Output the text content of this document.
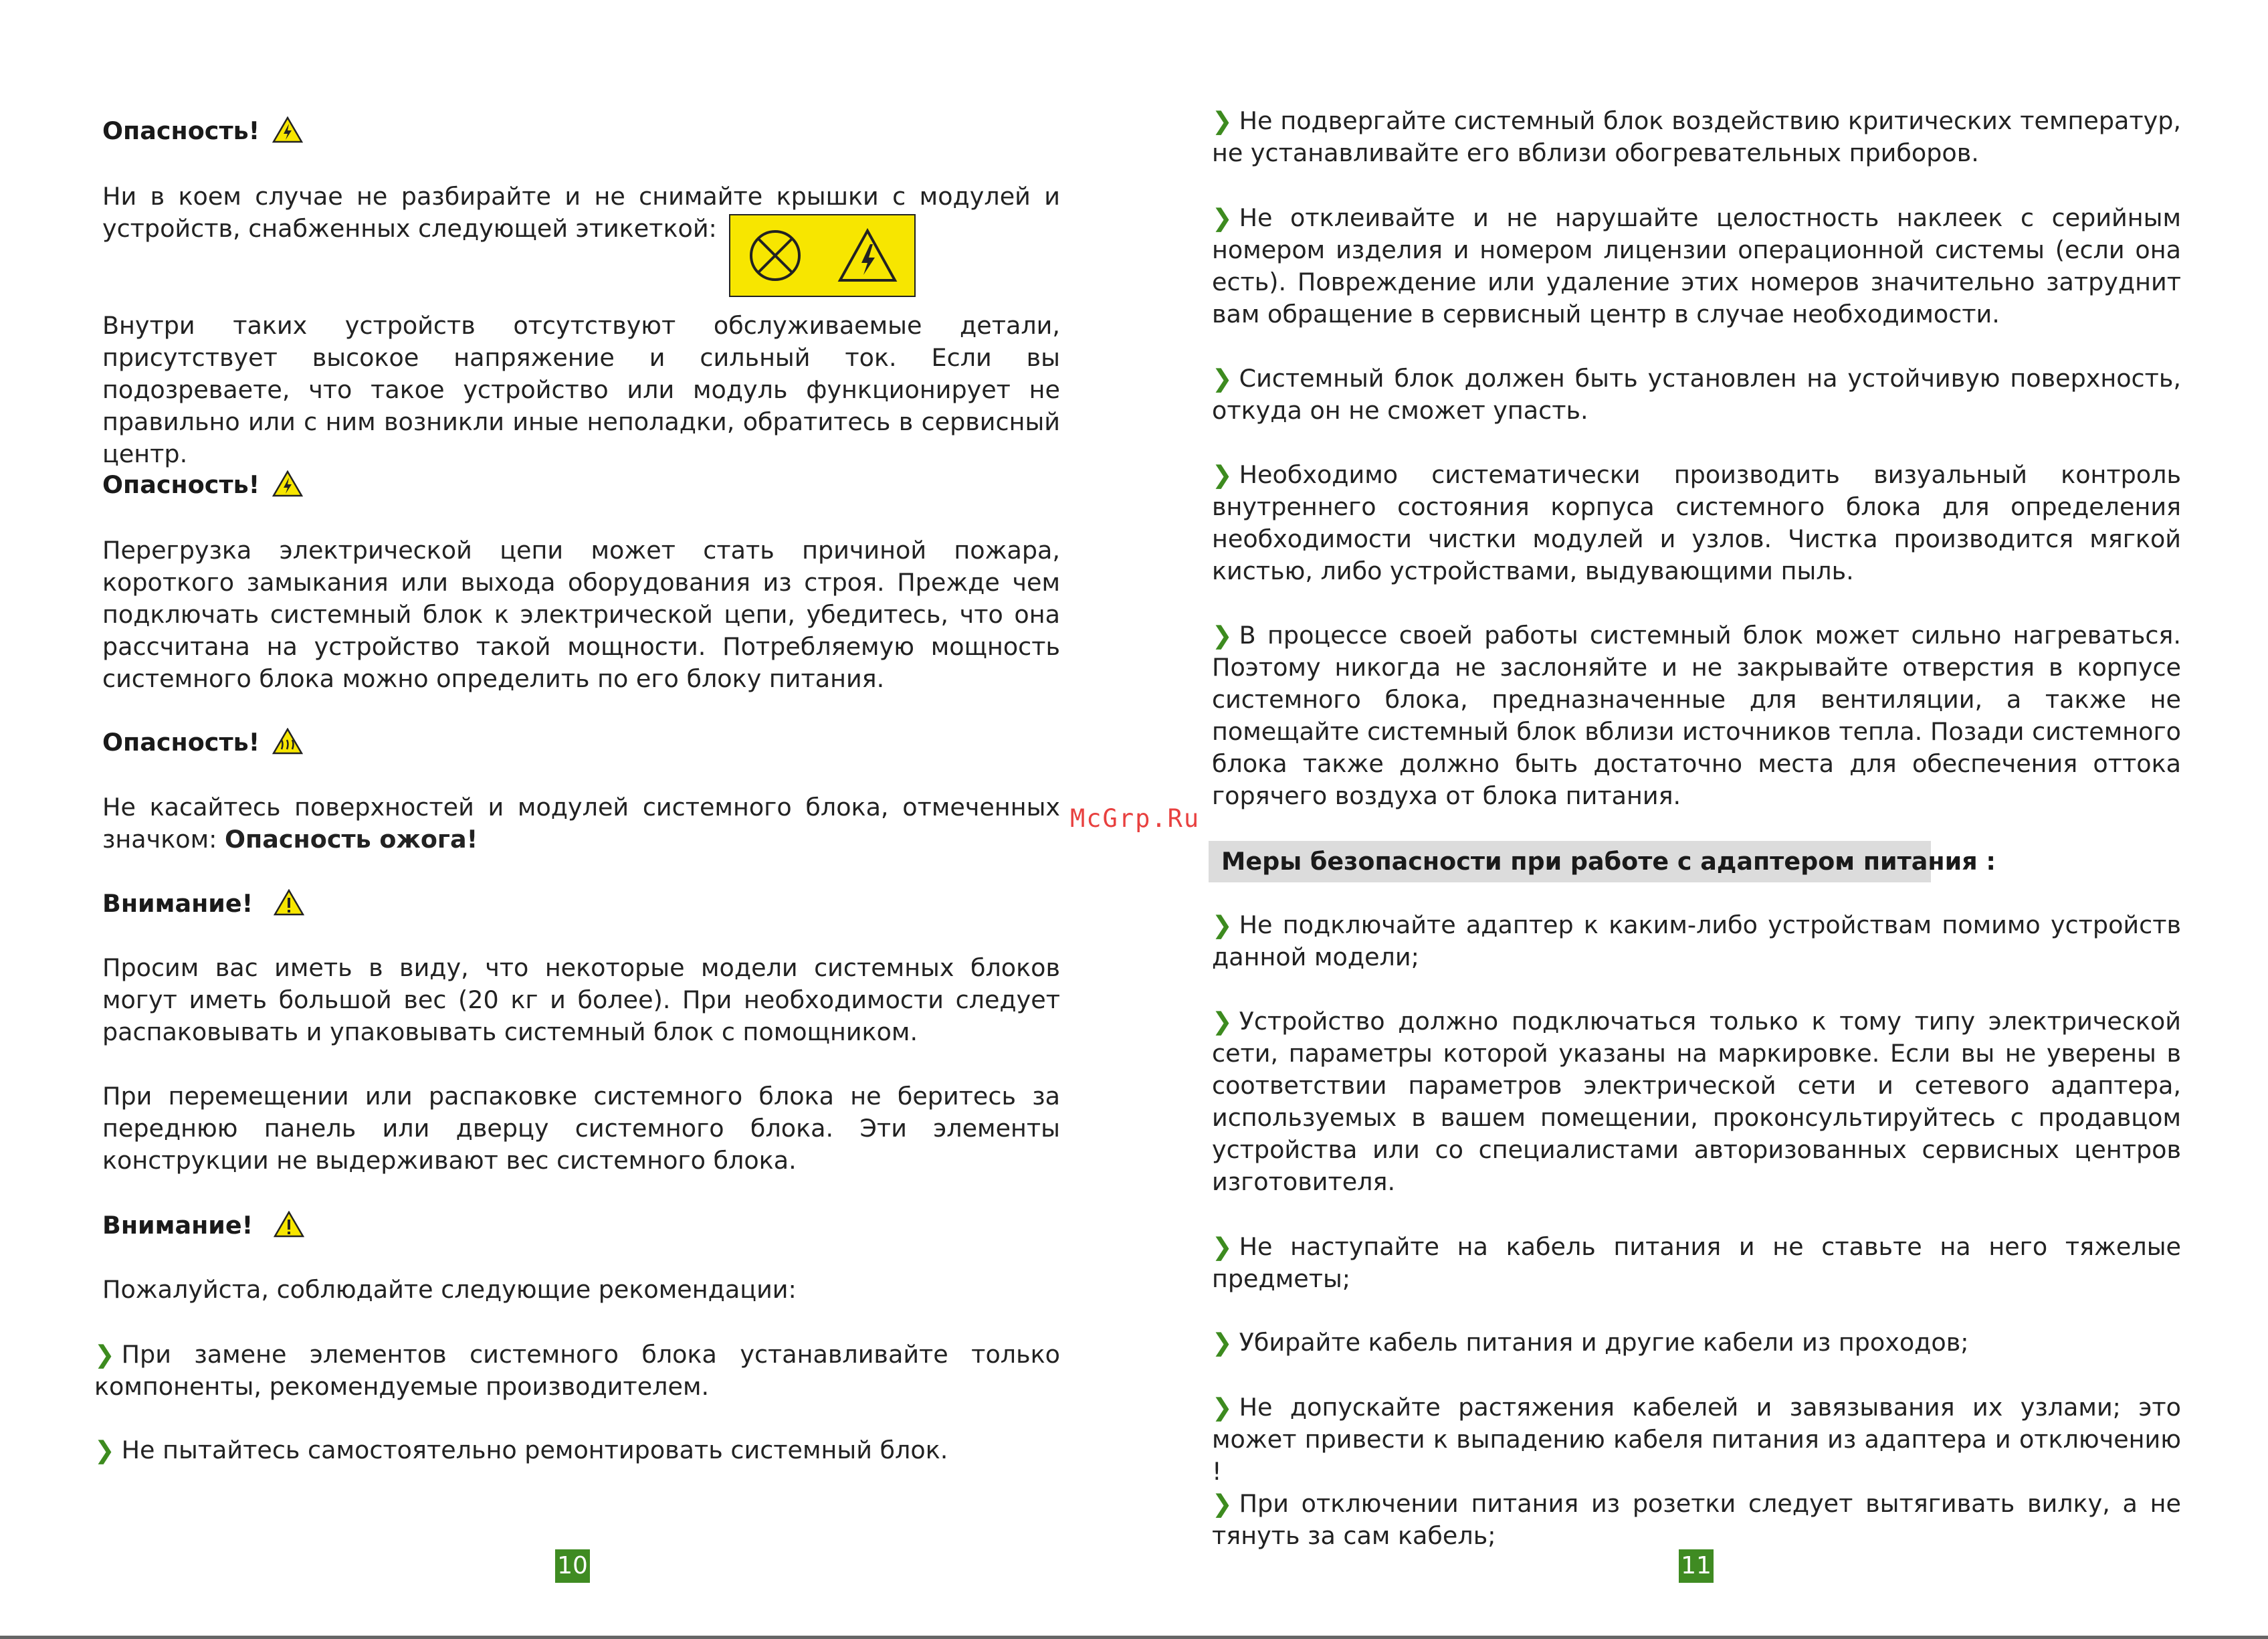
Опасность!
Ни в коем случае не разбирайте и не снимайте крышки с модулей и устройств, снабженных следующей этикеткой:
Внутри таких устройств отсутствуют обслуживаемые детали, присутствует высокое напряжение и сильный ток. Если вы подозреваете, что такое устройство или модуль функционирует не правильно или с ним возникли иные неполадки, обратитесь в сервисный центр.
Опасность!
Перегрузка электрической цепи может стать причиной пожара, короткого замыкания или выхода оборудования из строя. Прежде чем подключать системный блок к электрической цепи, убедитесь, что она рассчитана на устройство такой мощности. Потребляемую мощность системного блока можно определить по его блоку питания.
Опасность!
Не касайтесь поверхностей и модулей системного блока, отмеченных значком: Опасность ожога!
Внимание!
Просим вас иметь в виду, что некоторые модели системных блоков могут иметь большой вес (20 кг и более). При необходимости следует распаковывать и упаковывать системный блок с помощником.
При перемещении или распаковке системного блока не беритесь за переднюю панель или дверцу системного блока. Эти элементы конструкции не выдерживают вес системного блока.
Внимание!
Пожалуйста, соблюдайте следующие рекомендации:
❯ При замене элементов системного блока устанавливайте только компоненты, рекомендуемые производителем.
❯ Не пытайтесь самостоятельно ремонтировать системный блок.
10
McGrp.Ru
❯ Не подвергайте системный блок воздействию критических температур, не устанавливайте его вблизи обогревательных приборов.
❯ Не отклеивайте и не нарушайте целостность наклеек с серийным номером изделия и номером лицензии операционной системы (если она есть). Повреждение или удаление этих номеров значительно затруднит вам обращение в сервисный центр в случае необходимости.
❯ Системный блок должен быть установлен на устойчивую поверхность, откуда он не сможет упасть.
❯ Необходимо систематически производить визуальный контроль внутреннего состояния корпуса системного блока для определения необходимости чистки модулей и узлов. Чистка производится мягкой кистью, либо устройствами, выдувающими пыль.
❯ В процессе своей работы системный блок может сильно нагреваться. Поэтому никогда не заслоняйте и не закрывайте отверстия в корпусе системного блока, предназначенные для вентиляции, а также не помещайте системный блок вблизи источников тепла. Позади системного блока также должно быть достаточно места для обеспечения оттока горячего воздуха от блока питания.
Меры безопасности при работе с адаптером питания :
❯ Не подключайте адаптер к каким-либо устройствам помимо устройств данной модели;
❯ Устройство должно подключаться только к тому типу электрической сети, параметры которой указаны на маркировке. Если вы не уверены в соответствии параметров электрической сети и сетевого адаптера, используемых в вашем помещении, проконсультируйтесь с продавцом устройства или со специалистами авторизованных сервисных центров изготовителя.
❯ Не наступайте на кабель питания и не ставьте на него тяжелые предметы;
❯ Убирайте кабель питания и другие кабели из проходов;
❯ Не допускайте растяжения кабелей и завязывания их узлами; это может привести к выпадению кабеля питания из адаптера и отключению !
❯ При отключении питания из розетки следует вытягивать вилку, а не тянуть за сам кабель;
11
